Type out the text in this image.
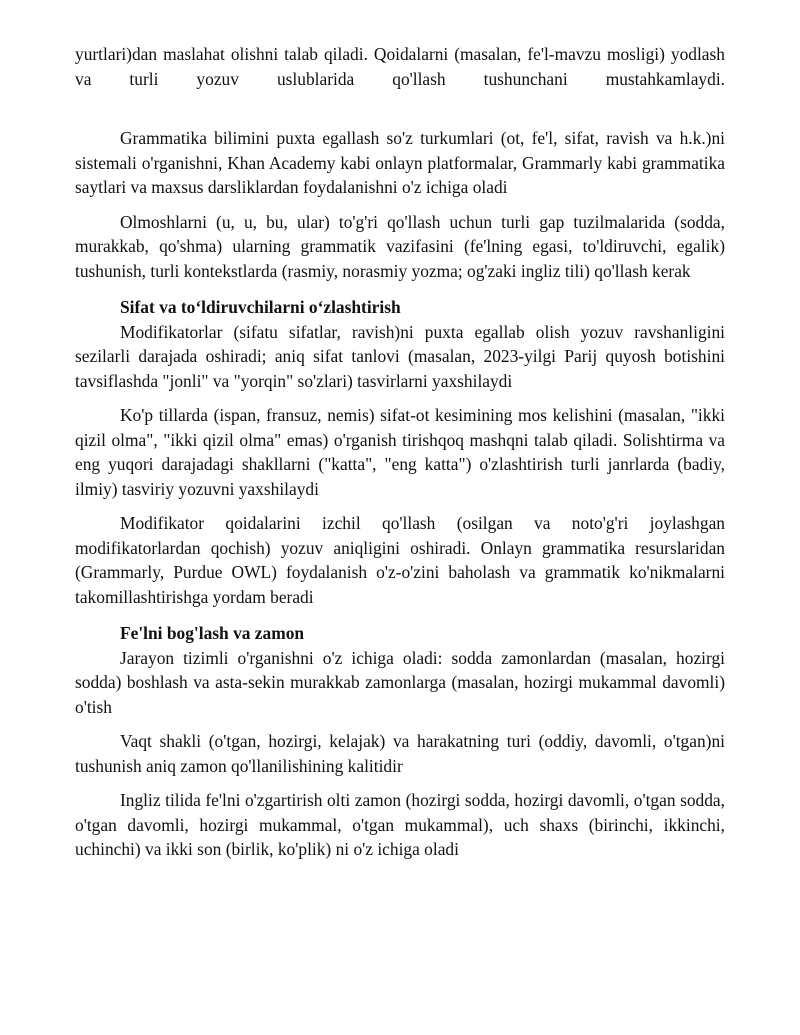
yurtlari)dan maslahat olishni talab qiladi. Qoidalarni (masalan, fe'l-mavzu mosligi) yodlash va turli yozuv uslublarida qo'llash tushunchani mustahkamlaydi.

Grammatika bilimini puxta egallash so'z turkumlari (ot, fe'l, sifat, ravish va h.k.)ni sistemali o'rganishni, Khan Academy kabi onlayn platformalar, Grammarly kabi grammatika saytlari va maxsus darsliklardan foydalanishni o'z ichiga oladi

Olmoshlarni (u, u, bu, ular) to'g'ri qo'llash uchun turli gap tuzilmalarida (sodda, murakkab, qo'shma) ularning grammatik vazifasini (fe'lning egasi, to'ldiruvchi, egalik) tushunish, turli kontekstlarda (rasmiy, norasmiy yozma; og'zaki ingliz tili) qo'llash kerak

Sifat va to‘ldiruvchilarni o‘zlashtirish

Modifikatorlar (sifatu sifatlar, ravish)ni puxta egallab olish yozuv ravshanligini sezilarli darajada oshiradi; aniq sifat tanlovi (masalan, 2023-yilgi Parij quyosh botishini tavsiflashda "jonli" va "yorqin" so'zlari) tasvirlarni yaxshilaydi

Ko'p tillarda (ispan, fransuz, nemis) sifat-ot kesimining mos kelishini (masalan, "ikki qizil olma", "ikki qizil olma" emas) o'rganish tirishqoq mashqni talab qiladi. Solishtirma va eng yuqori darajadagi shakllarni ("katta", "eng katta") o'zlashtirish turli janrlarda (badiy, ilmiy) tasviriy yozuvni yaxshilaydi

Modifikator qoidalarini izchil qo'llash (osilgan va noto'g'ri joylashgan modifikatorlardan qochish) yozuv aniqligini oshiradi. Onlayn grammatika resurslaridan (Grammarly, Purdue OWL) foydalanish o'z-o'zini baholash va grammatik ko'nikmalarni takomillashtirishga yordam beradi

Fe'lni bog'lash va zamon

Jarayon tizimli o'rganishni o'z ichiga oladi: sodda zamonlardan (masalan, hozirgi sodda) boshlash va asta-sekin murakkab zamonlarga (masalan, hozirgi mukammal davomli) o'tish

Vaqt shakli (o'tgan, hozirgi, kelajak) va harakatning turi (oddiy, davomli, o'tgan)ni tushunish aniq zamon qo'llanilishining kalitidir

Ingliz tilida fe'lni o'zgartirish olti zamon (hozirgi sodda, hozirgi davomli, o'tgan sodda, o'tgan davomli, hozirgi mukammal, o'tgan mukammal), uch shaxs (birinchi, ikkinchi, uchinchi) va ikki son (birlik, ko'plik) ni o'z ichiga oladi
